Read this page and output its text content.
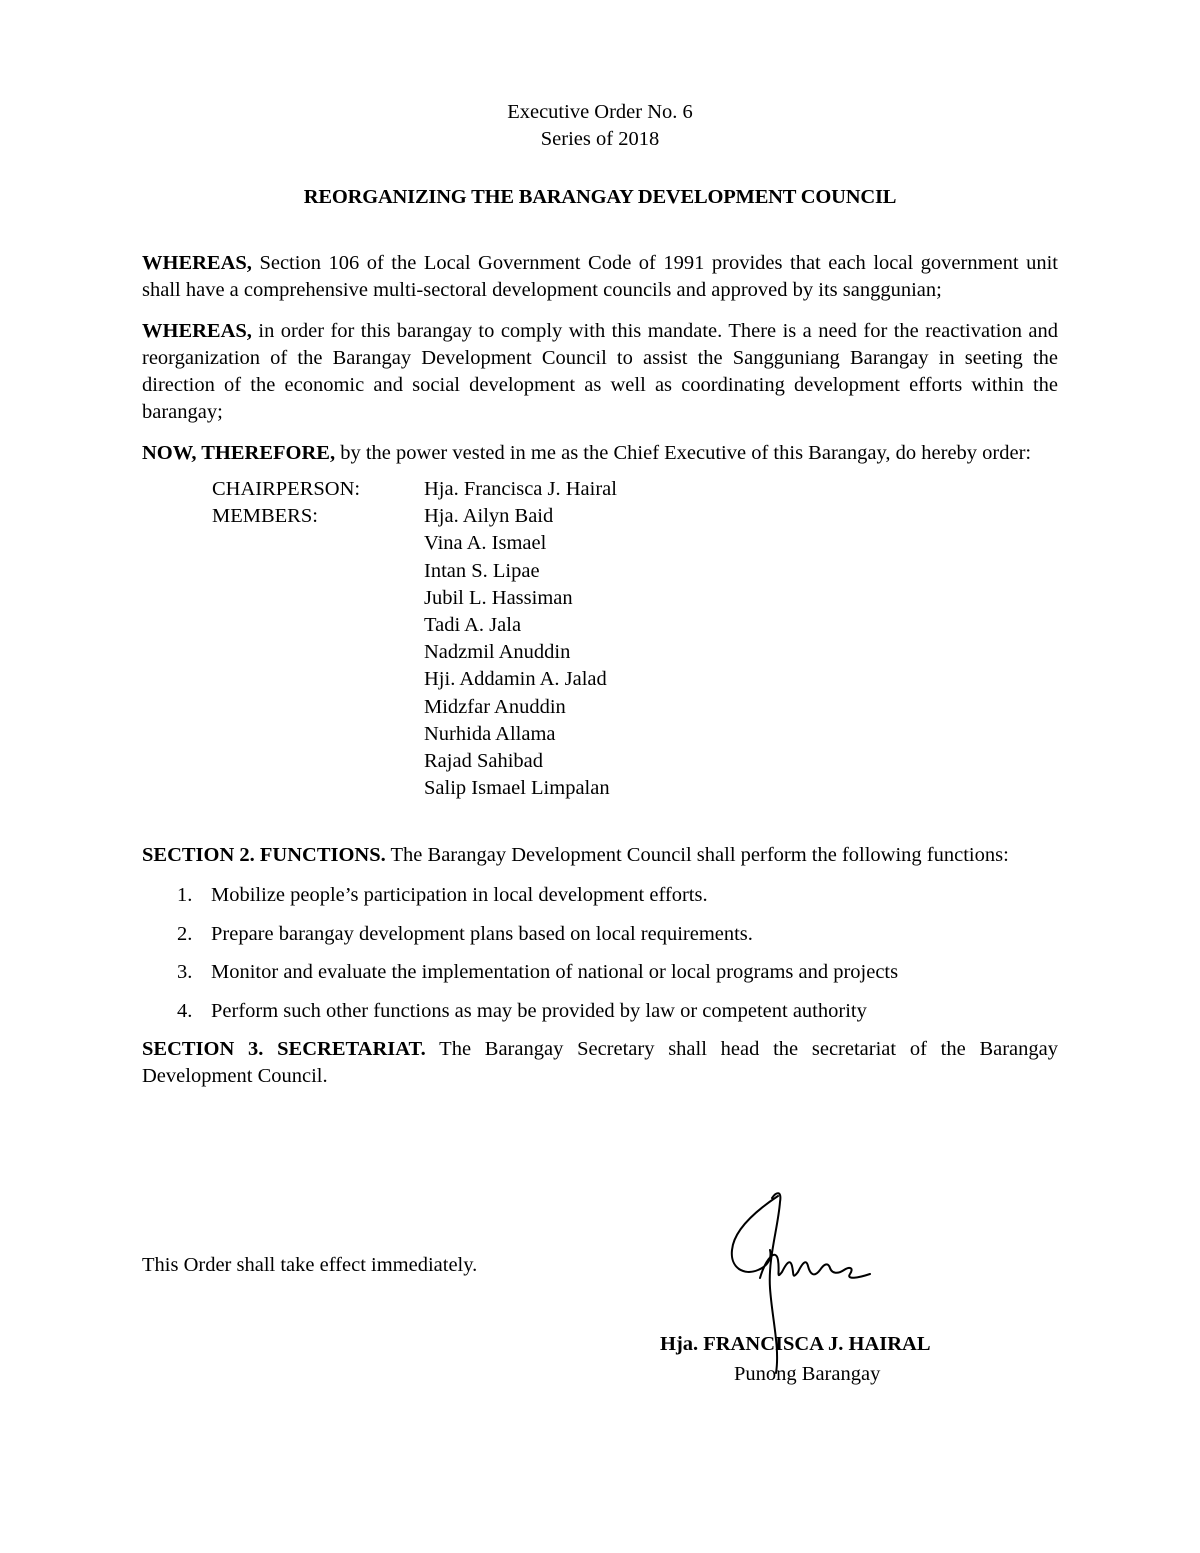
Executive Order No. 6

Series of 2018

REORGANIZING THE BARANGAY DEVELOPMENT COUNCIL

WHEREAS, Section 106 of the Local Government Code of 1991 provides that each local government unit shall have a comprehensive multi-sectoral development councils and approved by its sanggunian;

WHEREAS, in order for this barangay to comply with this mandate. There is a need for the reactivation and reorganization of the Barangay Development Council to assist the Sangguniang Barangay in seeting the direction of the economic and social development as well as coordinating development efforts within the barangay;

NOW, THEREFORE, by the power vested in me as the Chief Executive of this Barangay, do hereby order:

CHAIRPERSON:	Hja. Francisca J. Hairal
MEMBERS:	Hja. Ailyn Baid
Vina A. Ismael
Intan S. Lipae
Jubil L. Hassiman
Tadi A. Jala
Nadzmil Anuddin
Hji. Addamin A. Jalad
Midzfar Anuddin
Nurhida Allama
Rajad Sahibad
Salip Ismael Limpalan

SECTION 2. FUNCTIONS. The Barangay Development Council shall perform the following functions:

1. Mobilize people’s participation in local development efforts.
2. Prepare barangay development plans based on local requirements.
3. Monitor and evaluate the implementation of national or local programs and projects
4. Perform such other functions as may be provided by law or competent authority

SECTION 3. SECRETARIAT. The Barangay Secretary shall head the secretariat of the Barangay Development Council.

This Order shall take effect immediately.

Hja. FRANCISCA J. HAIRAL

Punong Barangay
